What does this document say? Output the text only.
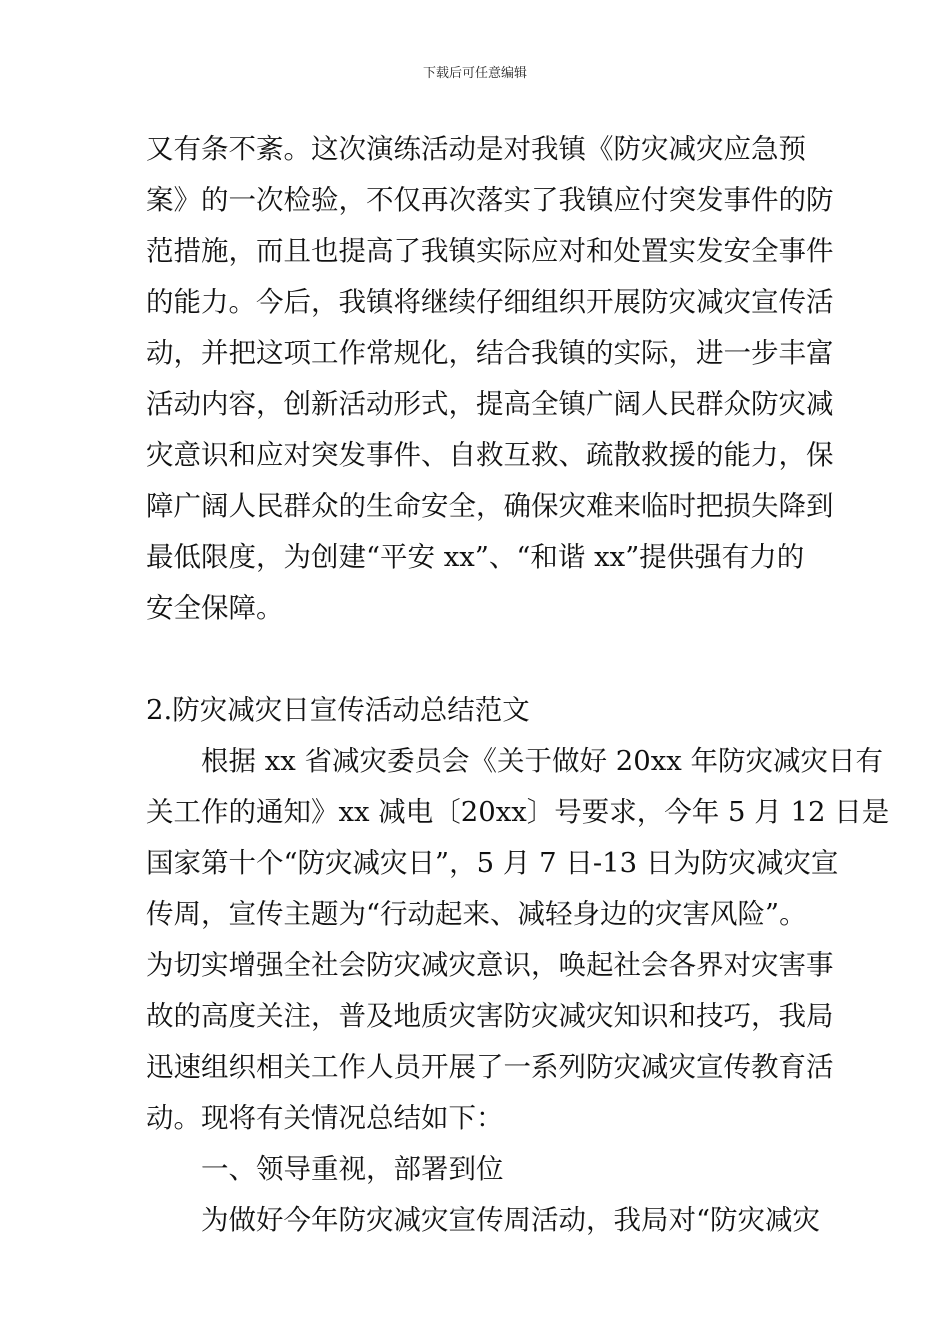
下载后可任意编辑
又有条不紊。这次演练活动是对我镇《防灾减灾应急预
案》的一次检验，不仅再次落实了我镇应付突发事件的防
范措施，而且也提高了我镇实际应对和处置实发安全事件
的能力。今后，我镇将继续仔细组织开展防灾减灾宣传活
动，并把这项工作常规化，结合我镇的实际，进一步丰富
活动内容，创新活动形式，提高全镇广阔人民群众防灾减
灾意识和应对突发事件、自救互救、疏散救援的能力，保
障广阔人民群众的生命安全，确保灾难来临时把损失降到
最低限度，为创建“平安 xx”、“和谐 xx”提供强有力的
安全保障。
2.防灾减灾日宣传活动总结范文
根据 xx 省减灾委员会《关于做好 20xx 年防灾减灾日有
关工作的通知》xx 减电〔20xx〕号要求，今年 5 月 12 日是
国家第十个“防灾减灾日”，5 月 7 日-13 日为防灾减灾宣
传周，宣传主题为“行动起来、减轻身边的灾害风险”。
为切实增强全社会防灾减灾意识，唤起社会各界对灾害事
故的高度关注，普及地质灾害防灾减灾知识和技巧，我局
迅速组织相关工作人员开展了一系列防灾减灾宣传教育活
动。现将有关情况总结如下：
一、领导重视，部署到位
为做好今年防灾减灾宣传周活动，我局对“防灾减灾
